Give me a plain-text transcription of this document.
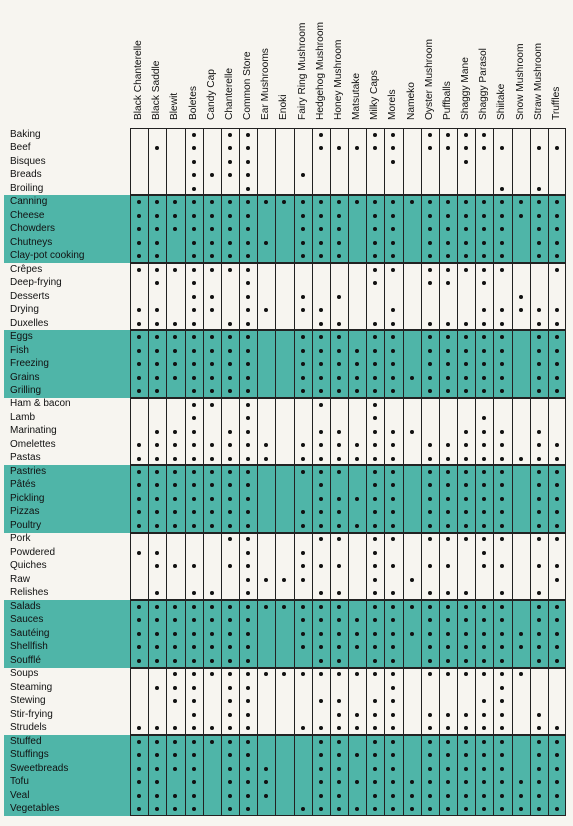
Black Chanterelle Black Saddle Blewit Boletes Candy Cap Chanterelle Common Store Ear Mushrooms Enoki Fairy Ring Mushroom Hedgehog Mushroom Honey Mushroom Matsutake Milky Caps Morels Nameko Oyster Mushroom Puffballs Shaggy Mane Shaggy Parasol Shiitake Snow Mushroom Straw Mushroom Truffles
Baking
Beef
Bisques
Breads
Broiling
Canning
Cheese
Chowders
Chutneys
Clay-pot cooking
Crêpes
Deep-frying
Desserts
Drying
Duxelles
Eggs
Fish
Freezing
Grains
Grilling
Ham & bacon
Lamb
Marinating
Omelettes
Pastas
Pastries
Pâtés
Pickling
Pizzas
Poultry
Pork
Powdered
Quiches
Raw
Relishes
Salads
Sauces
Sautéing
Shellfish
Soufflé
Soups
Steaming
Stewing
Stir-frying
Strudels
Stuffed
Stuffings
Sweetbreads
Tofu
Veal
Vegetables
